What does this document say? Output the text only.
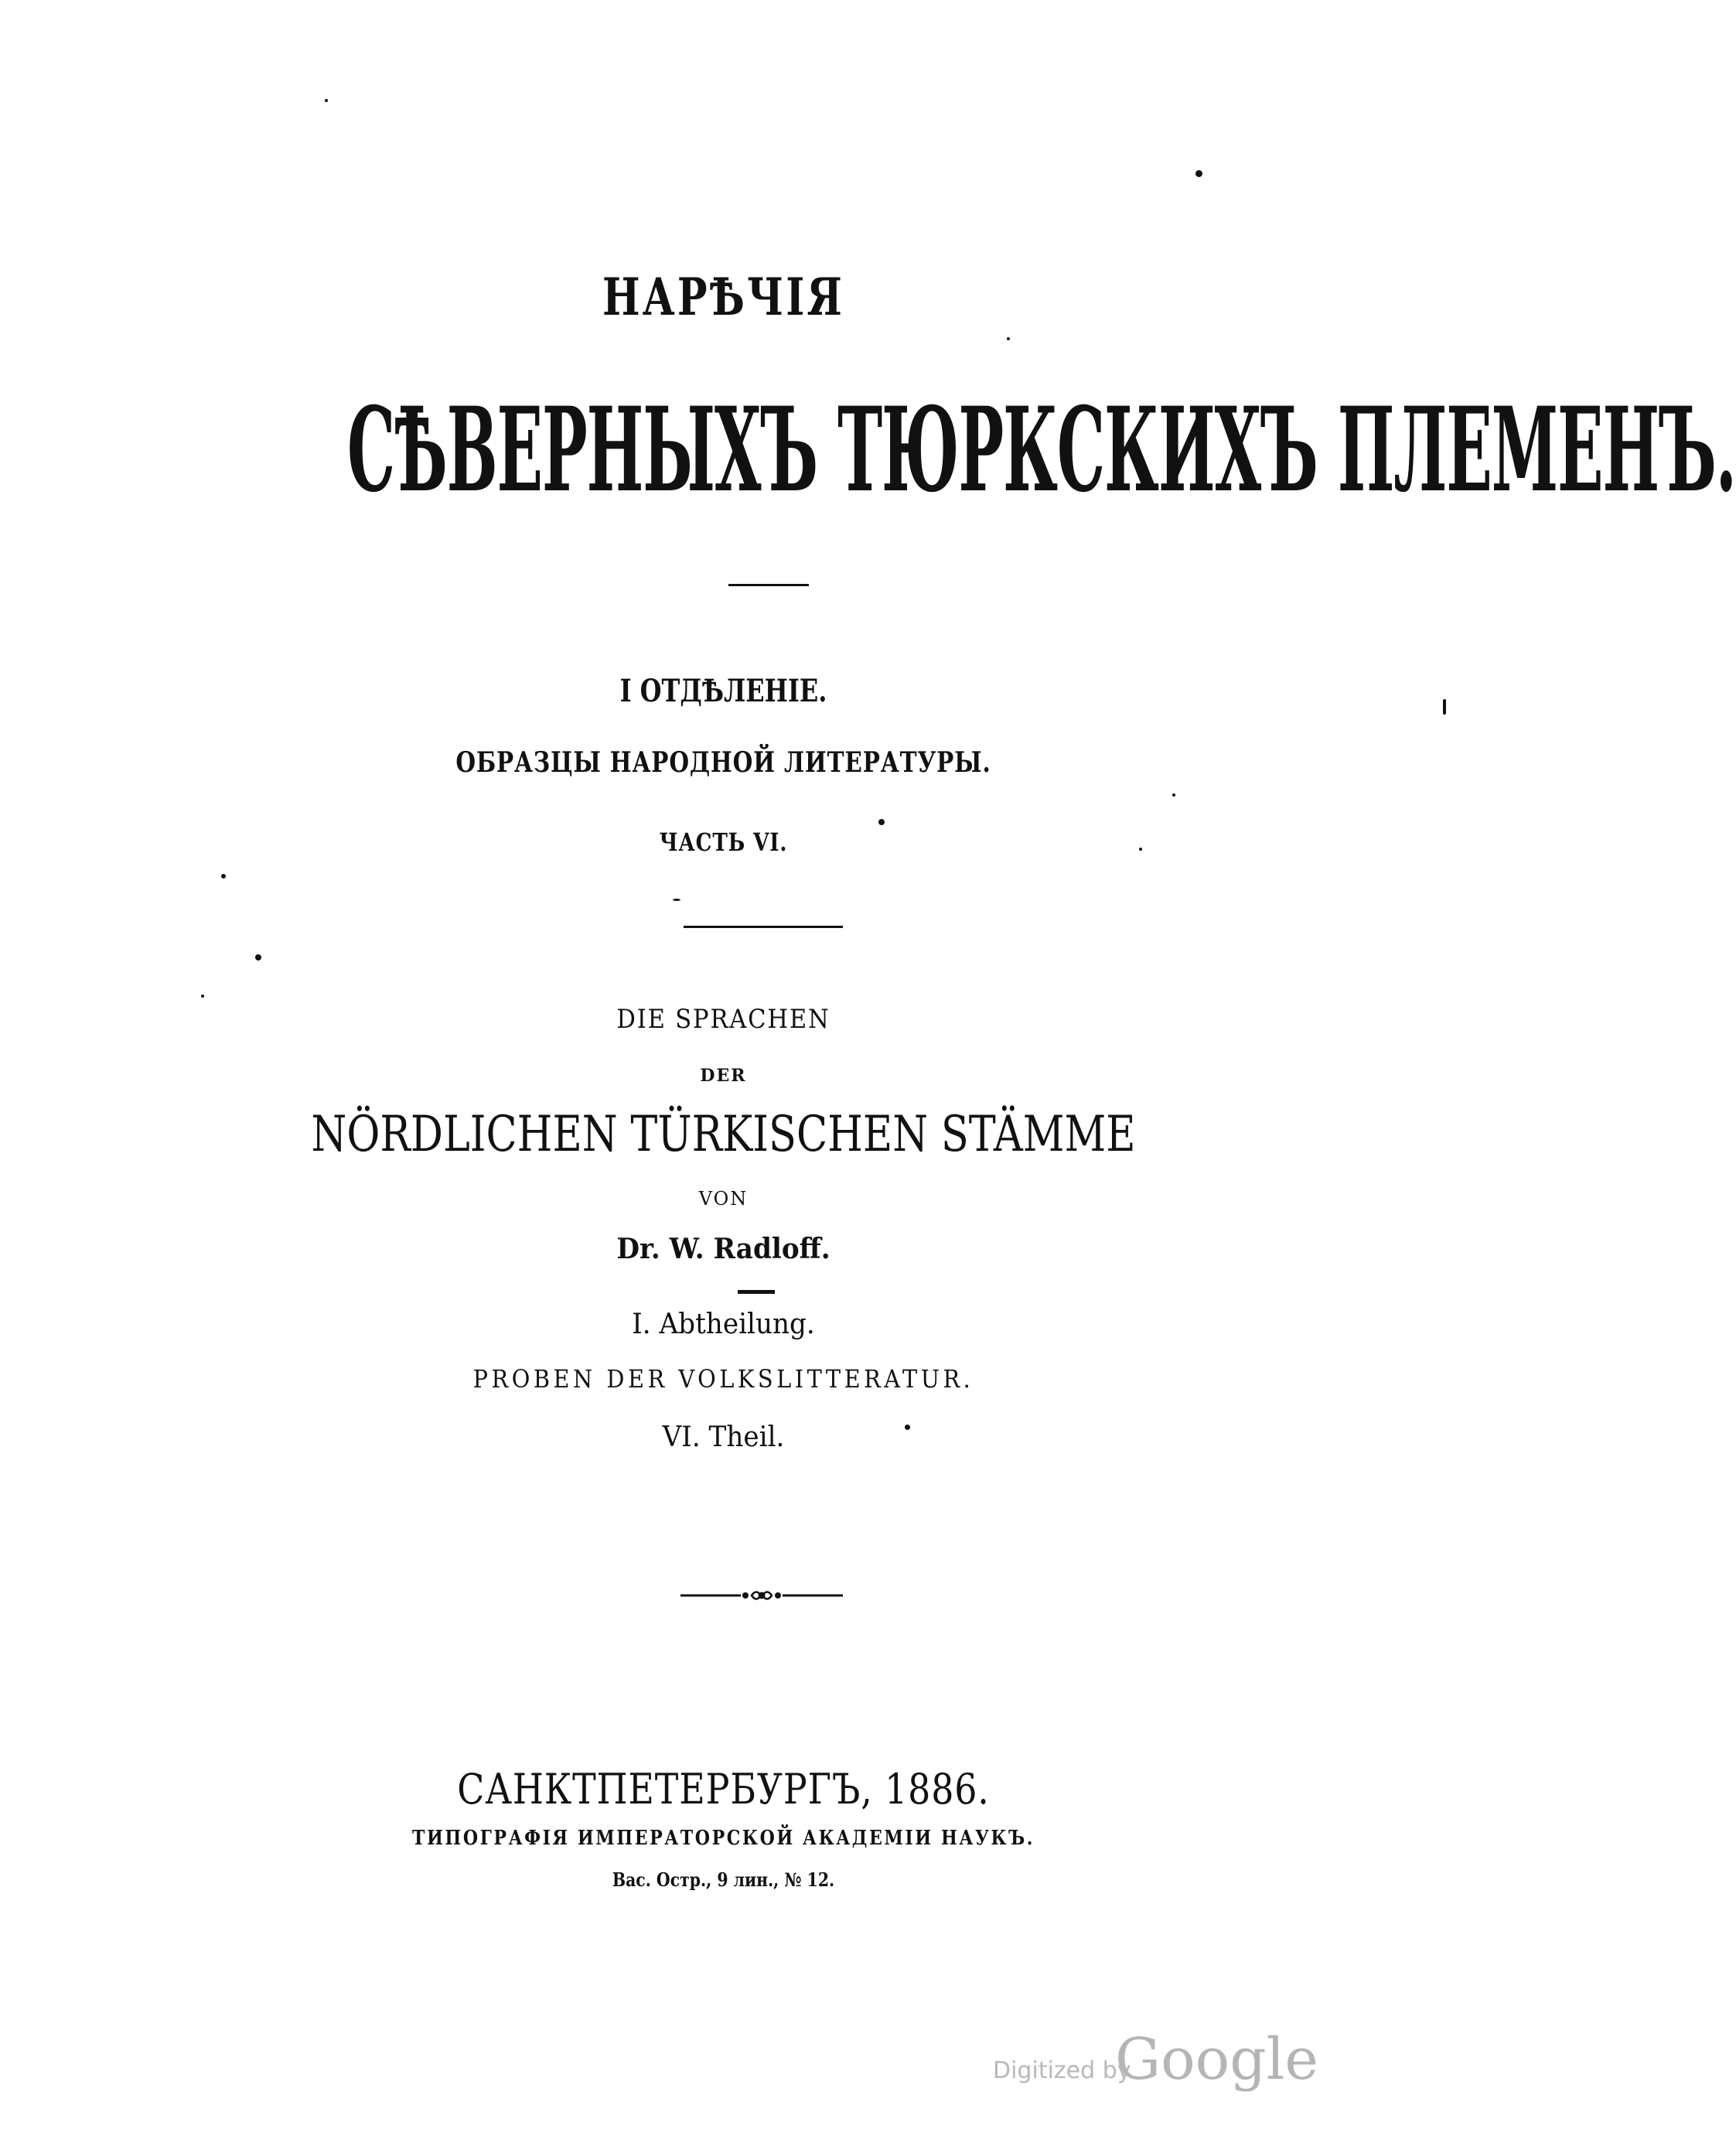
НАРѢЧІЯ
СѢВЕРНЫХЪ ТЮРКСКИХЪ ПЛЕМЕНЪ.
I ОТДѢЛЕНІЕ.
ОБРАЗЦЫ НАРОДНОЙ ЛИТЕРАТУРЫ.
ЧАСТЬ VI.
DIE SPRACHEN
DER
NÖRDLICHEN TÜRKISCHEN STÄMME
VON
Dr. W. Radloff.
I. Abtheilung.
PROBEN DER VOLKSLITTERATUR.
VI. Theil.
САНКТПЕТЕРБУРГЪ, 1886.
ТИПОГРАФІЯ ИМПЕРАТОРСКОЙ АКАДЕМІИ НАУКЪ.
Вас. Остр., 9 лин., № 12.
Digitized by
Google
